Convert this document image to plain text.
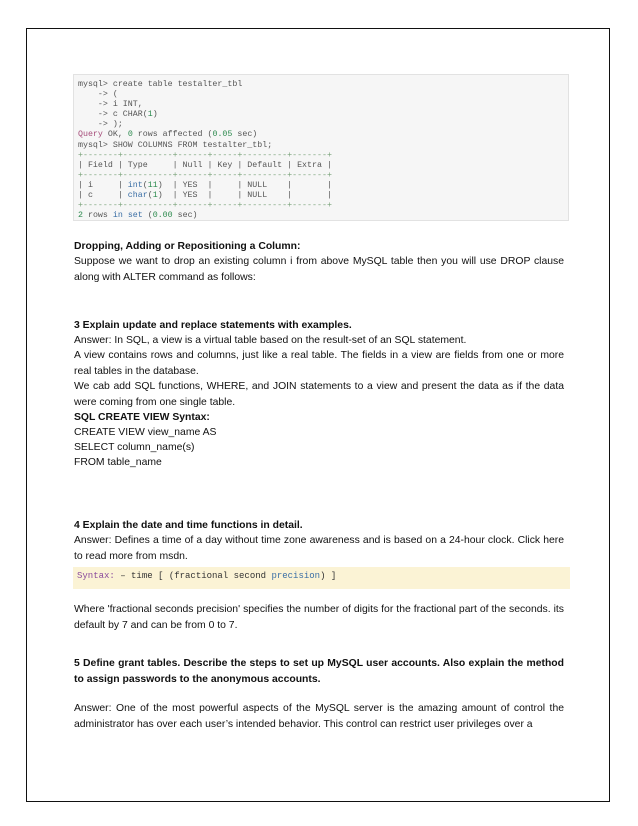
mysql> create table testalter_tbl
-> (
-> i INT,
-> c CHAR(1)
-> );
Query OK, 0 rows affected (0.05 sec)
mysql> SHOW COLUMNS FROM testalter_tbl;
+-------+----------+------+-----+---------+-------+
| Field | Type     | Null | Key | Default | Extra |
+-------+----------+------+-----+---------+-------+
| i     | int(11)  | YES  |     | NULL    |       |
| c     | char(1)  | YES  |     | NULL    |       |
+-------+----------+------+-----+---------+-------+
2 rows in set (0.00 sec)

Dropping, Adding or Repositioning a Column:

Suppose we want to drop an existing column i from above MySQL table then you will use DROP clause along with ALTER command as follows:

3 Explain update and replace statements with examples.

Answer: In SQL, a view is a virtual table based on the result-set of an SQL statement.

A view contains rows and columns, just like a real table. The fields in a view are fields from one or more real tables in the database.

We cab add SQL functions, WHERE, and JOIN statements to a view and present the data as if the data were coming from one single table.

SQL CREATE VIEW Syntax:

CREATE VIEW view_name AS

SELECT column_name(s)

FROM table_name

4 Explain the date and time functions in detail.

Answer: Defines a time of a day without time zone awareness and is based on a 24-hour clock. Click here to read more from msdn.

Syntax: – time [ (fractional second precision) ]

Where 'fractional seconds precision' specifies the number of digits for the fractional part of the seconds. its default by 7 and can be from 0 to 7.

5 Define grant tables. Describe the steps to set up MySQL user accounts. Also explain the method to assign passwords to the anonymous accounts.

Answer: One of the most powerful aspects of the MySQL server is the amazing amount of control the administrator has over each user’s intended behavior. This control can restrict user privileges over a
